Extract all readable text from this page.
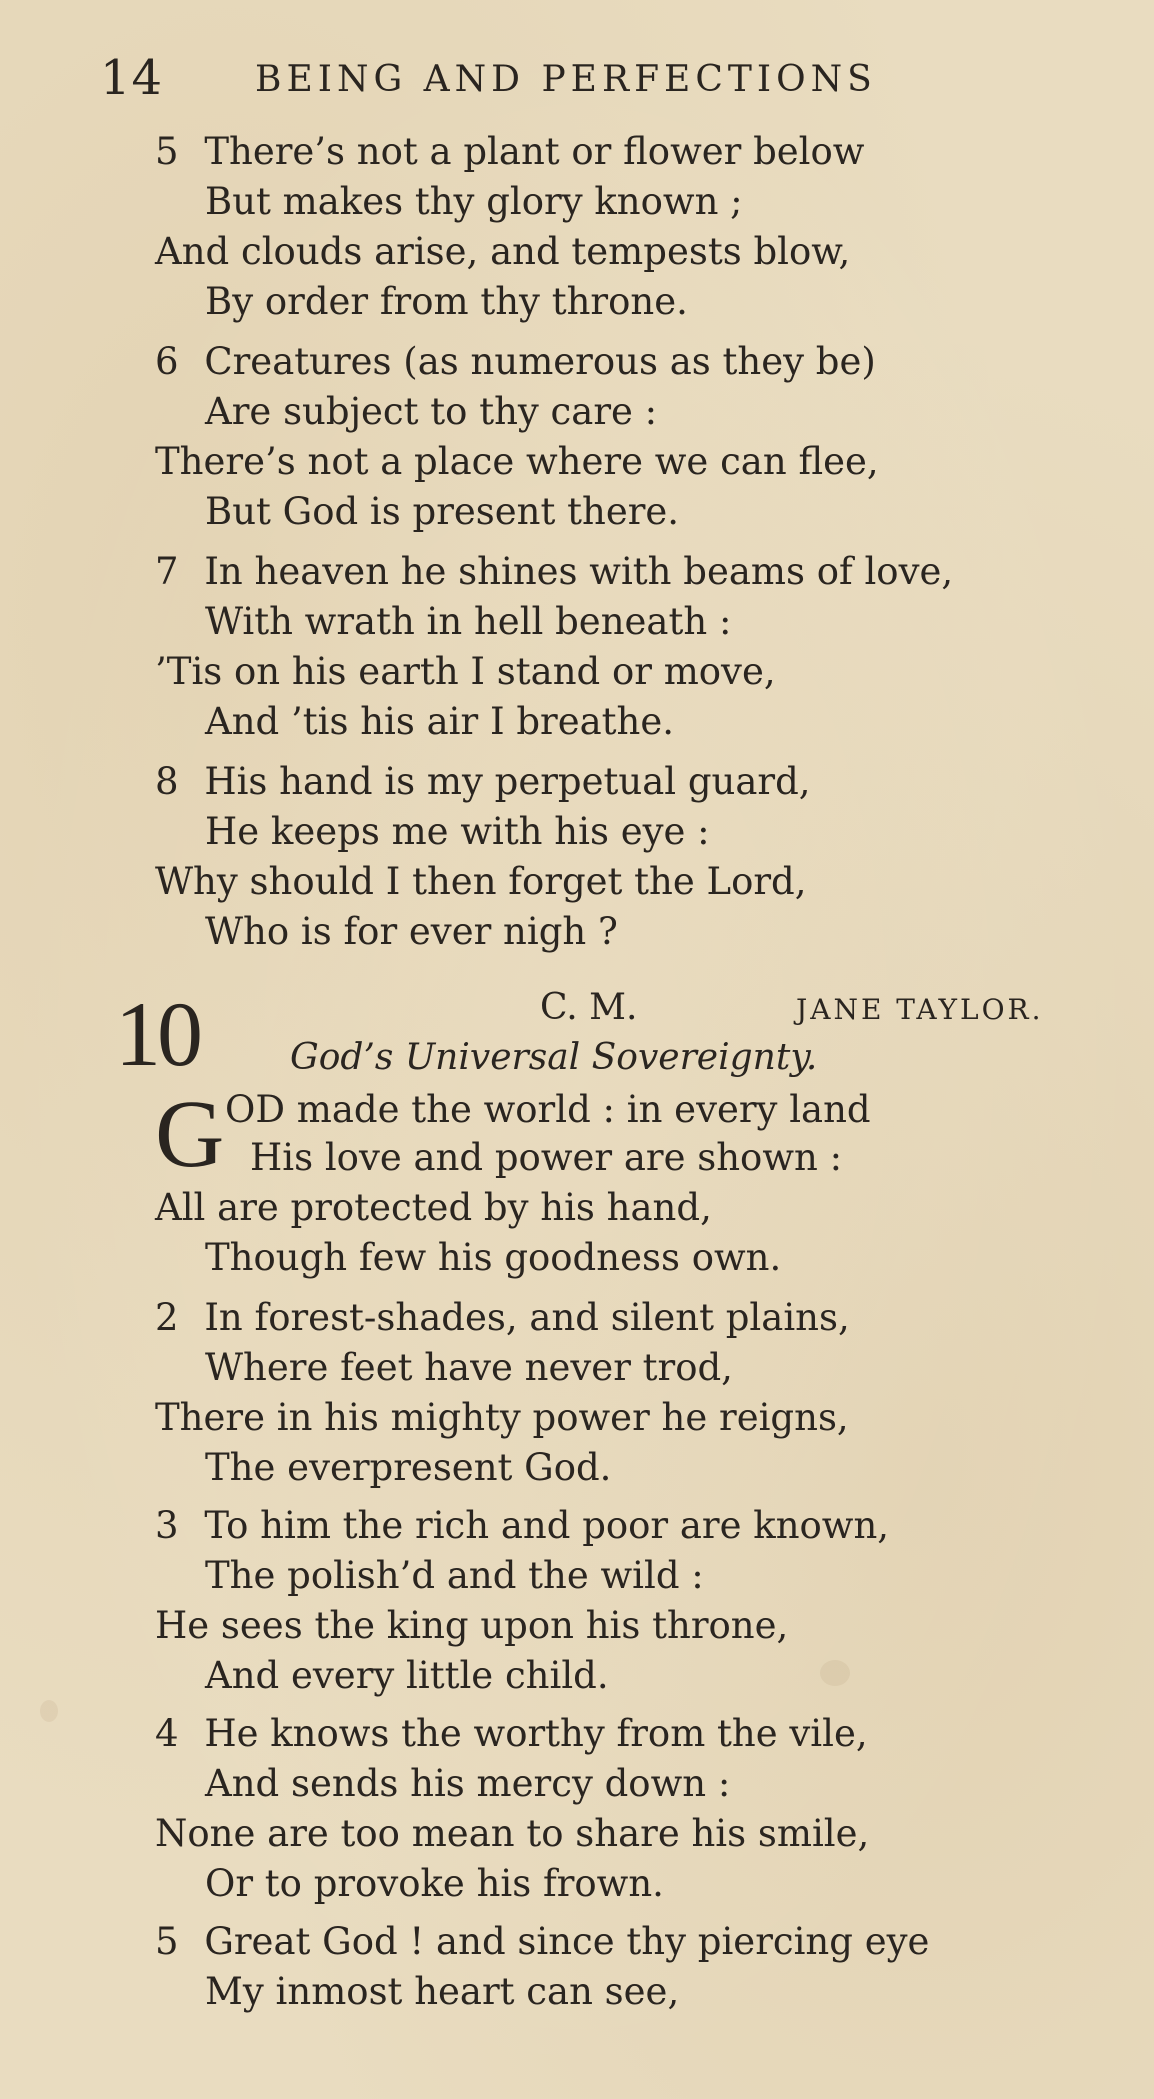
14	BEING AND PERFECTIONS
5 There’s not a plant or flower below
But makes thy glory known ;
And clouds arise, and tempests blow,
By order from thy throne.
6 Creatures (as numerous as they be)
Are subject to thy care :
There’s not a place where we can flee,
But God is present there.
7 In heaven he shines with beams of love,
With wrath in hell beneath :
’Tis on his earth I stand or move,
And ’tis his air I breathe.
8 His hand is my perpetual guard,
He keeps me with his eye :
Why should I then forget the Lord,
Who is for ever nigh ?
10	C. M.	JANE TAYLOR.
God’s Universal Sovereignty.
G OD made the world : in every land
His love and power are shown :
All are protected by his hand,
Though few his goodness own.
2 In forest-shades, and silent plains,
Where feet have never trod,
There in his mighty power he reigns,
The everpresent God.
3 To him the rich and poor are known,
The polish’d and the wild :
He sees the king upon his throne,
And every little child.
4 He knows the worthy from the vile,
And sends his mercy down :
None are too mean to share his smile,
Or to provoke his frown.
5 Great God ! and since thy piercing eye
My inmost heart can see,
